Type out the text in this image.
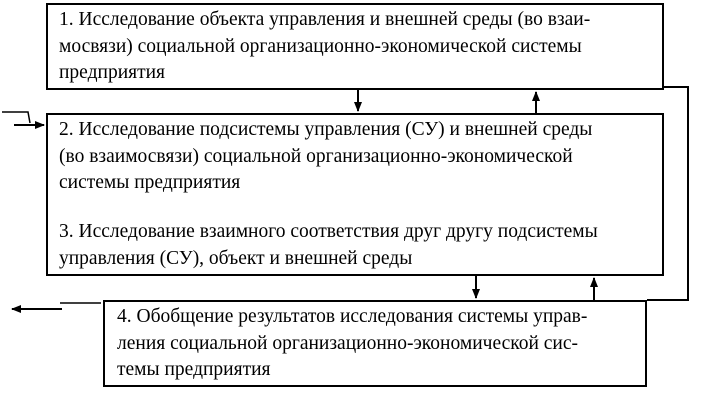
1. Исследование объекта управления и внешней среды (во взаи-
мосвязи) социальной организационно-экономической системы
предприятия
2. Исследование подсистемы управления (СУ) и внешней среды
(во взаимосвязи) социальной организационно-экономической
системы предприятия
3. Исследование взаимного соответствия друг другу подсистемы
управления (СУ), объект и внешней среды
4. Обобщение результатов исследования системы управ-
ления социальной организационно-экономической сис-
темы предприятия
